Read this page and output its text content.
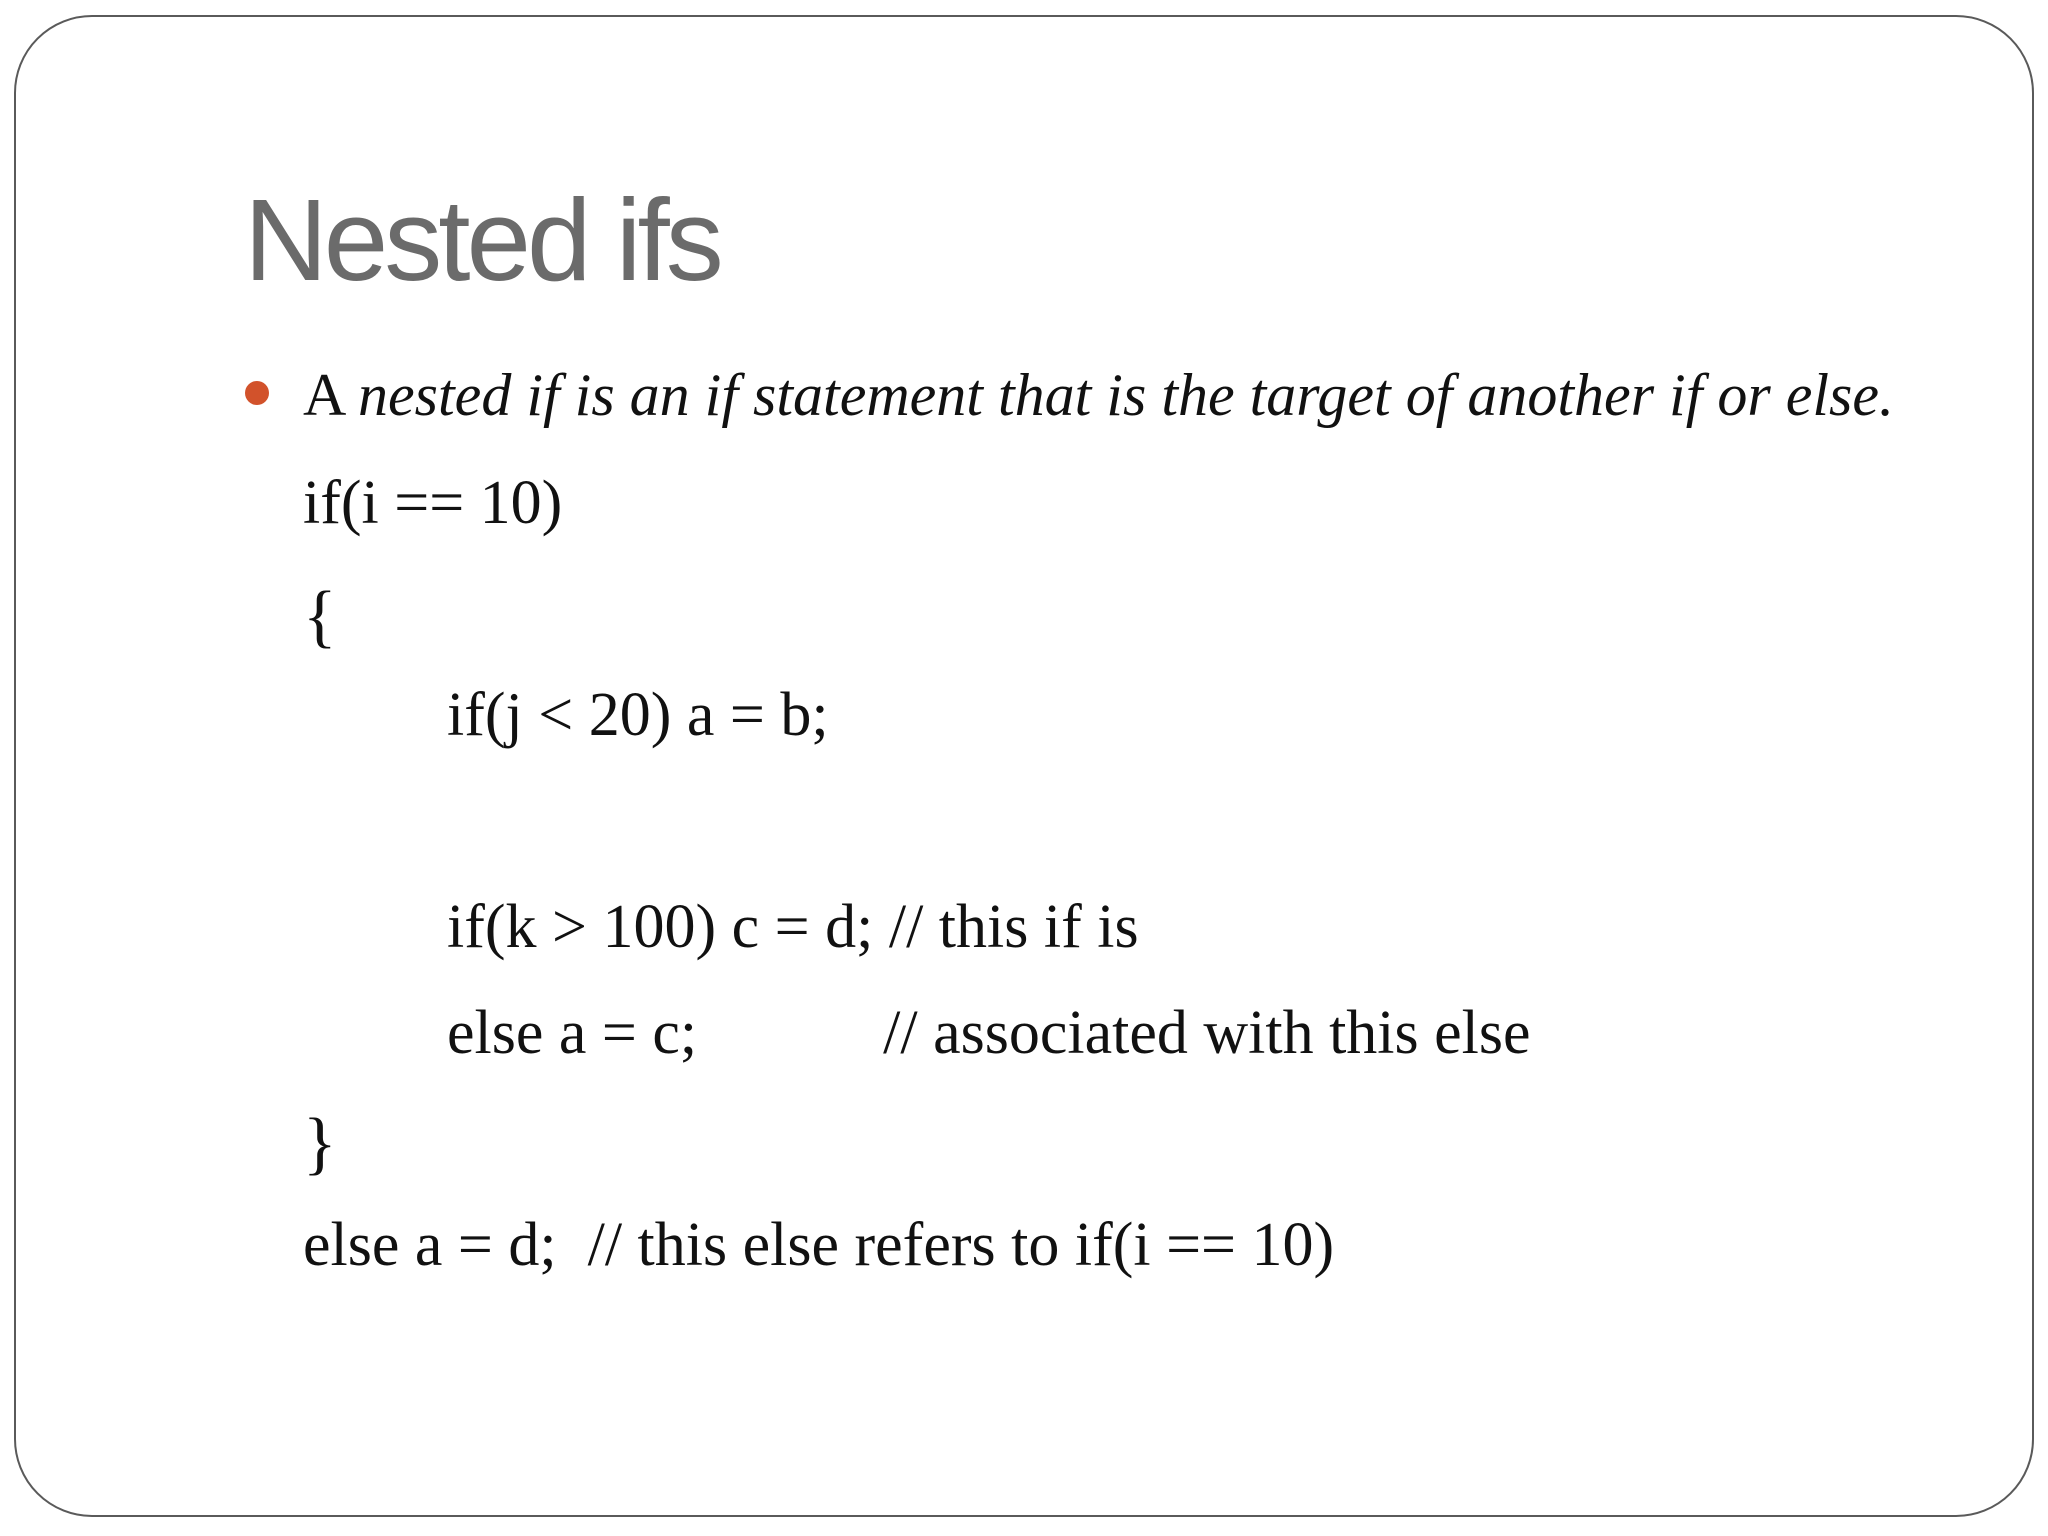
Nested ifs
A nested if is an if statement that is the target of another if or else.
if(i == 10)
{
if(j < 20) a = b;
if(k > 100) c = d; // this if is
else a = c;            // associated with this else
}
else a = d;  // this else refers to if(i == 10)
